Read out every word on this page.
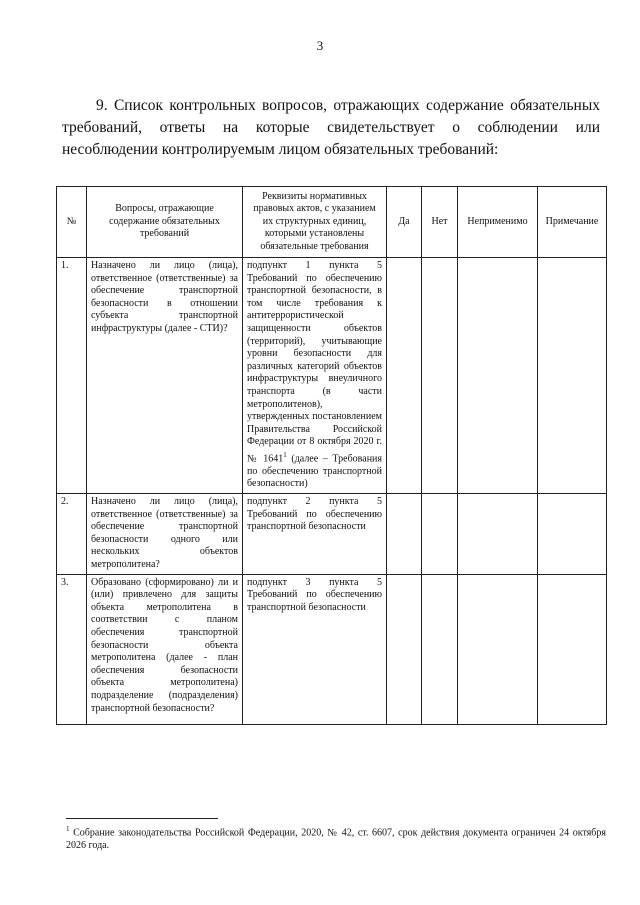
3
9. Список контрольных вопросов, отражающих содержание обязательных требований, ответы на которые свидетельствует о соблюдении или несоблюдении контролируемым лицом обязательных требований:
№	Вопросы, отражающие содержание обязательных требований	Реквизиты нормативных правовых актов, с указанием их структурных единиц, которыми установлены обязательные требования	Да	Нет	Неприменимо	Примечание
1.	Назначено ли лицо (лица), ответственное (ответственные) за обеспечение транспортной безопасности в отношении субъекта транспортной инфраструктуры (далее - СТИ)?	подпункт 1 пункта 5 Требований по обеспечению транспортной безопасности, в том числе требования к антитеррористической защищенности объектов (территорий), учитывающие уровни безопасности для различных категорий объектов инфраструктуры внеуличного транспорта (в части метрополитенов), утвержденных постановлением Правительства Российской Федерации от 8 октября 2020 г. № 1641$^1$ (далее – Требования по обеспечению транспортной безопасности)				
2.	Назначено ли лицо (лица), ответственное (ответственные) за обеспечение транспортной безопасности одного или нескольких объектов метрополитена?	подпункт 2 пункта 5 Требований по обеспечению транспортной безопасности				
3.	Образовано (сформировано) ли и (или) привлечено для защиты объекта метрополитена в соответствии с планом обеспечения транспортной безопасности объекта метрополитена (далее - план обеспечения безопасности объекта метрополитена) подразделение (подразделения) транспортной безопасности?	подпункт 3 пункта 5 Требований по обеспечению транспортной безопасности				
$^1$ Собрание законодательства Российской Федерации, 2020, № 42, ст. 6607, срок действия документа ограничен 24 октября 2026 года.
